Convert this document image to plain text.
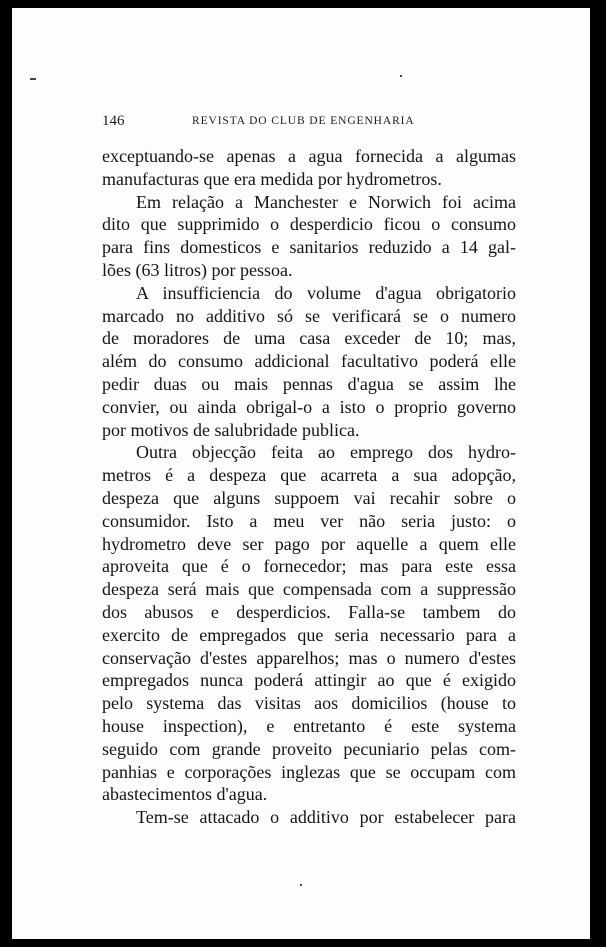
146	REVISTA DO CLUB DE ENGENHARIA
exceptuando-se apenas a agua fornecida a algumas
manufacturas que era medida por hydrometros.
Em relação a Manchester e Norwich foi acima
dito que supprimido o desperdicio ficou o consumo
para fins domesticos e sanitarios reduzido a 14 gal-
lões (63 litros) por pessoa.
A insufficiencia do volume d'agua obrigatorio
marcado no additivo só se verificará se o numero
de moradores de uma casa exceder de 10; mas,
além do consumo addicional facultativo poderá elle
pedir duas ou mais pennas d'agua se assim lhe
convier, ou ainda obrigal-o a isto o proprio governo
por motivos de salubridade publica.
Outra objecção feita ao emprego dos hydro-
metros é a despeza que acarreta a sua adopção,
despeza que alguns suppoem vai recahir sobre o
consumidor. Isto a meu ver não seria justo: o
hydrometro deve ser pago por aquelle a quem elle
aproveita que é o fornecedor; mas para este essa
despeza será mais que compensada com a suppressão
dos abusos e desperdicios. Falla-se tambem do
exercito de empregados que seria necessario para a
conservação d'estes apparelhos; mas o numero d'estes
empregados nunca poderá attingir ao que é exigido
pelo systema das visitas aos domicilios (house to
house inspection), e entretanto é este systema
seguido com grande proveito pecuniario pelas com-
panhias e corporações inglezas que se occupam com
abastecimentos d'agua.
Tem-se attacado o additivo por estabelecer para
